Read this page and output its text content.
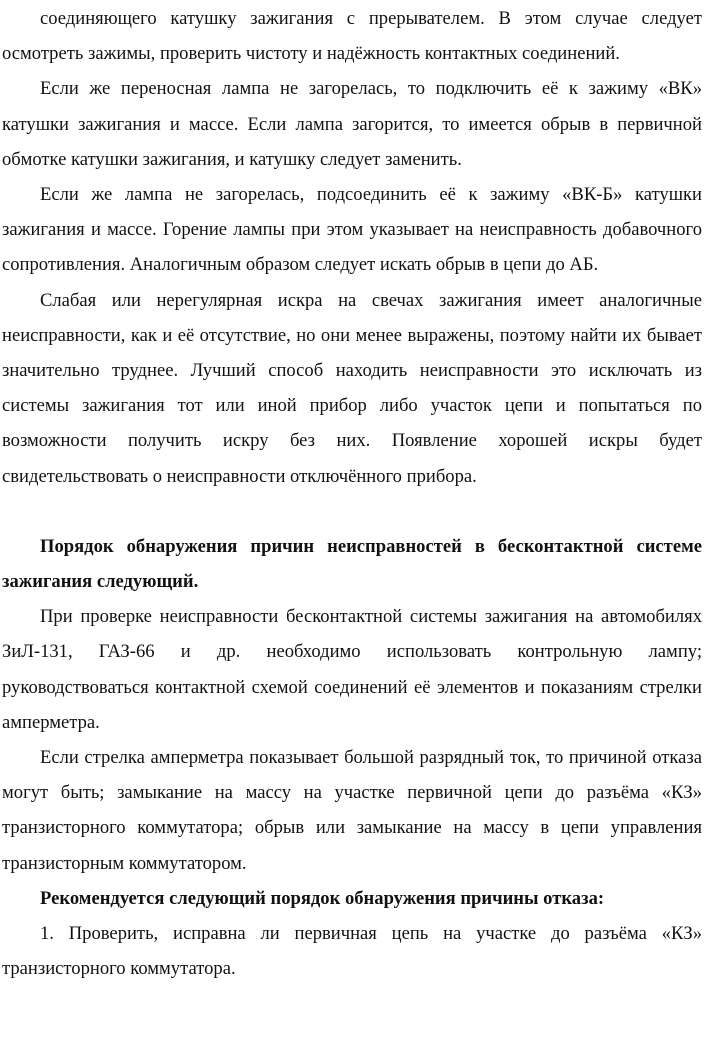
соединяющего катушку зажигания с прерывателем. В этом случае следует осмотреть зажимы, проверить чистоту и надёжность контактных соединений.

Если же переносная лампа не загорелась, то подключить её к зажиму «ВК» катушки зажигания и массе. Если лампа загорится, то имеется обрыв в первичной обмотке катушки зажигания, и катушку следует заменить.

Если же лампа не загорелась, подсоединить её к зажиму «ВК-Б» катушки зажигания и массе. Горение лампы при этом указывает на неисправность добавочного сопротивления. Аналогичным образом следует искать обрыв в цепи до АБ.

Слабая или нерегулярная искра на свечах зажигания имеет аналогичные неисправности, как и её отсутствие, но они менее выражены, поэтому найти их бывает значительно труднее. Лучший способ находить неисправности это исключать из системы зажигания тот или иной прибор либо участок цепи и попытаться по возможности получить искру без них. Появление хорошей искры будет свидетельствовать о неисправности отключённого прибора.

Порядок обнаружения причин неисправностей в бесконтактной системе зажигания следующий.

При проверке неисправности бесконтактной системы зажигания на автомобилях ЗиЛ-131, ГАЗ-66 и др. необходимо использовать контрольную лампу; руководствоваться контактной схемой соединений её элементов и показаниям стрелки амперметра.

Если стрелка амперметра показывает большой разрядный ток, то причиной отказа могут быть; замыкание на массу на участке первичной цепи до разъёма «КЗ» транзисторного коммутатора; обрыв или замыкание на массу в цепи управления транзисторным коммутатором.

Рекомендуется следующий порядок обнаружения причины отказа:

1. Проверить, исправна ли первичная цепь на участке до разъёма «КЗ» транзисторного коммутатора.
